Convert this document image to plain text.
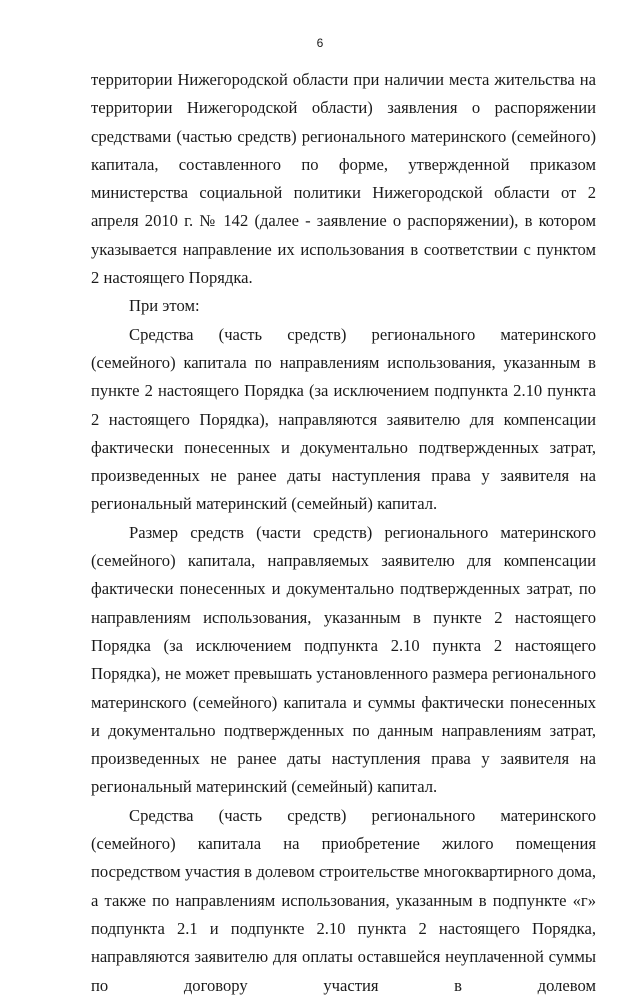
6

территории Нижегородской области при наличии места жительства на территории Нижегородской области) заявления о распоряжении средствами (частью средств) регионального материнского (семейного) капитала, составленного по форме, утвержденной приказом министерства социальной политики Нижегородской области от 2 апреля 2010 г. № 142 (далее - заявление о распоряжении), в котором указывается направление их использования в соответствии с пунктом 2 настоящего Порядка.

При этом:

Средства (часть средств) регионального материнского (семейного) капитала по направлениям использования, указанным в пункте 2 настоящего Порядка (за исключением подпункта 2.10 пункта 2 настоящего Порядка), направляются заявителю для компенсации фактически понесенных и документально подтвержденных затрат, произведенных не ранее даты наступления права у заявителя на региональный материнский (семейный) капитал.

Размер средств (части средств) регионального материнского (семейного) капитала, направляемых заявителю для компенсации фактически понесенных и документально подтвержденных затрат, по направлениям использования, указанным в пункте 2 настоящего Порядка (за исключением подпункта 2.10 пункта 2 настоящего Порядка), не может превышать установленного размера регионального материнского (семейного) капитала и суммы фактически понесенных и документально подтвержденных по данным направлениям затрат, произведенных не ранее даты наступления права у заявителя на региональный материнский (семейный) капитал.

Средства (часть средств) регионального материнского (семейного) капитала на приобретение жилого помещения посредством участия в долевом строительстве многоквартирного дома, а также по направлениям использования, указанным в подпункте «г» подпункта 2.1 и подпункте 2.10 пункта 2 настоящего Порядка, направляются заявителю для оплаты оставшейся неуплаченной суммы по договору участия в долевом
